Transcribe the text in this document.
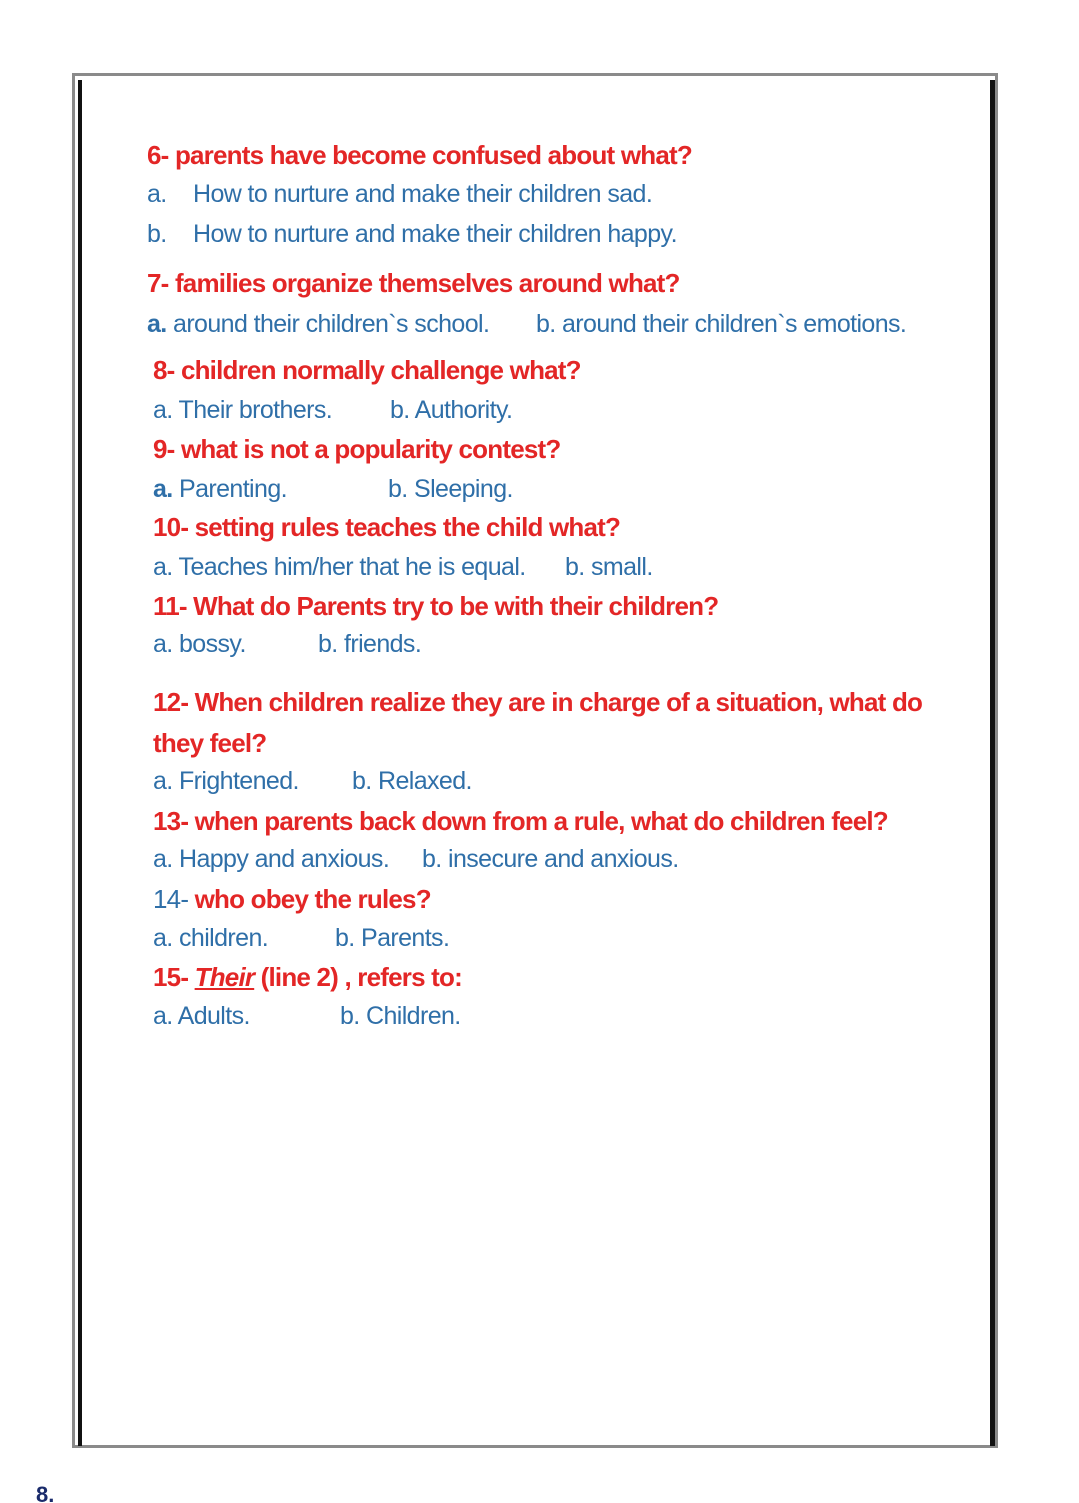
6- parents have become confused about what?
a. How to nurture and make their children sad.
b. How to nurture and make their children happy.
7- families organize themselves around what?
a. around their children`s school. b. around their children`s emotions.
8- children normally challenge what?
a. Their brothers. b. Authority.
9- what is not a popularity contest?
a. Parenting.	b. Sleeping.
10- setting rules teaches the child what?
a. Teaches him/her that he is equal. b. small.
11- What do Parents try to be with their children?
a. bossy.	b. friends.
12- When children realize they are in charge of a situation, what do
they feel?
a. Frightened. b. Relaxed.
13- when parents back down from a rule, what do children feel?
a. Happy and anxious. b. insecure and anxious.
14- who obey the rules?
a. children.	b. Parents.
15- Their (line 2) , refers to:
a. Adults.	b. Children.
8.
